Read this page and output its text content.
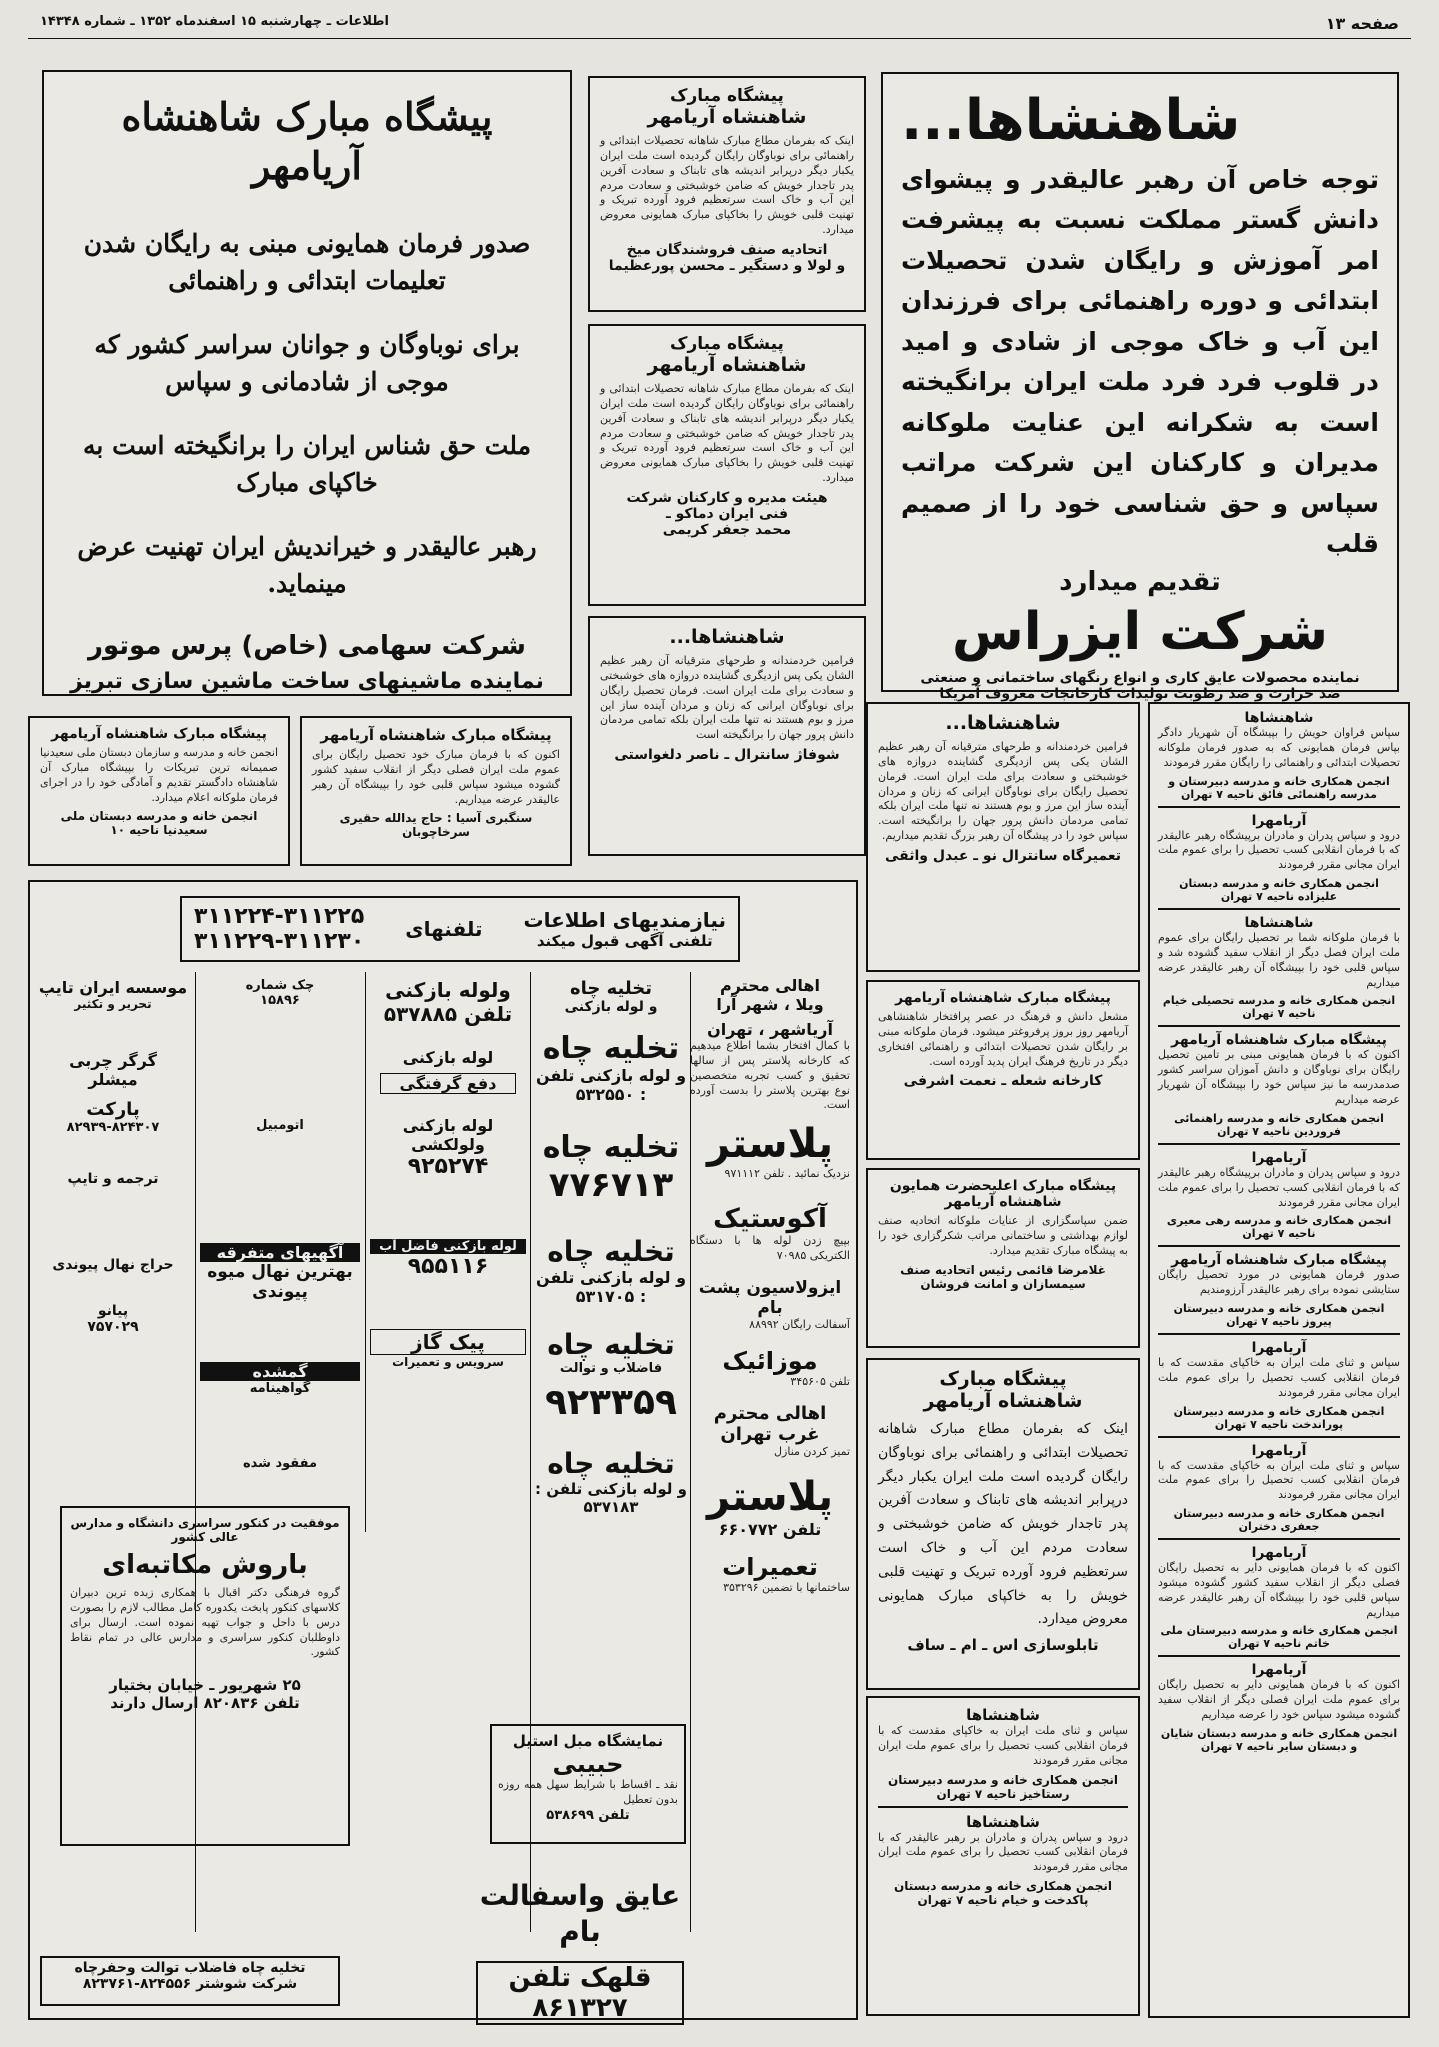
صفحه ۱۳
اطلاعات ـ چهارشنبه ۱۵ اسفندماه ۱۳۵۲ ـ شماره ۱۴۳۴۸
شاهنشاها...
توجه خاص آن رهبر عالیقدر و پیشوای دانش گستر مملکت نسبت به پیشرفت امر آموزش و رایگان شدن تحصیلات ابتدائی و دوره راهنمائی برای فرزندان این آب و خاک موجی از شادی و امید در قلوب فرد فرد ملت ایران برانگیخته است به شکرانه این عنایت ملوکانه مدیران و کارکنان این شرکت مراتب سپاس و حق شناسی خود را از صمیم قلب
تقدیم میدارد
شرکت ایزراس
نماینده محصولات عایق کاری و انواع رنگهای ساختمانی و صنعتی
ضد حرارت و ضد رطوبت تولیدات کارخانجات معروف آمریکا
پیشگاه مبارک
شاهنشاه آریامهر
اینک که بفرمان مطاع مبارک شاهانه تحصیلات ابتدائی و راهنمائی برای نوباوگان رایگان گردیده است ملت ایران یکبار دیگر درپرابر اندیشه های تابناک و سعادت آفرین پدر تاجدار خویش که ضامن خوشبختی و سعادت مردم این آب و خاک است سرتعظیم فرود آورده تبریک و تهنیت قلبی خویش را بخاکپای مبارک همایونی معروض میدارد.
اتحادیه صنف فروشندگان میخ
و لولا و دستگیر ـ محسن پورعظیما
پیشگاه مبارک
شاهنشاه آریامهر
اینک که بفرمان مطاع مبارک شاهانه تحصیلات ابتدائی و راهنمائی برای نوباوگان رایگان گردیده است ملت ایران یکبار دیگر درپرابر اندیشه های تابناک و سعادت آفرین پدر تاجدار خویش که ضامن خوشبختی و سعادت مردم این آب و خاک است سرتعظیم فرود آورده تبریک و تهنیت قلبی خویش را بخاکپای مبارک همایونی معروض میدارد.
هیئت مدیره و کارکنان شرکت
فنی ایران دماکو ـ
محمد جعفر کریمی
شاهنشاها...
فرامین خردمندانه و طرحهای مترقیانه آن رهبر عظیم الشان یکی پس ازدیگری گشاینده دروازه های خوشبختی و سعادت برای ملت ایران است. فرمان تحصیل رایگان برای نوباوگان ایرانی که زنان و مردان آینده ساز این مرز و بوم هستند نه تنها ملت ایران بلکه تمامی مردمان دانش پرور جهان را برانگیخته است
شوفاژ سانترال ـ ناصر دلغواستی
پیشگاه مبارک شاهنشاه آریامهر
صدور فرمان همایونی مبنی به رایگان شدن تعلیمات ابتدائی و راهنمائی
برای نوباوگان و جوانان سراسر کشور که موجی از شادمانی و سپاس
ملت حق شناس ایران را برانگیخته است به خاکپای مبارک
رهبر عالیقدر و خیراندیش ایران تهنیت عرض مینماید.
شرکت سهامی (خاص) پرس موتور
نماینده ماشینهای ساخت ماشین سازی تبریز
پیشگاه مبارک شاهنشاه آریامهر
اکنون که با فرمان مبارک خود تحصیل رایگان برای عموم ملت ایران فصلی دیگر از انقلاب سفید کشور گشوده میشود سپاس قلبی خود را بپیشگاه آن رهبر عالیقدر عرضه میداریم.
سنگبری آسیا : حاج یدالله حقیری سرخاچوبان
پیشگاه مبارک شاهنشاه آریامهر
انجمن خانه و مدرسه و سازمان دبستان ملی سعیدنیا صمیمانه ترین تبریکات را بپیشگاه مبارک آن شاهنشاه دادگستر تقدیم و آمادگی خود را در اجرای فرمان ملوکانه اعلام میدارد.
انجمن خانه و مدرسه دبستان ملی سعیدنیا ناحیه ۱۰
شاهنشاها...
فرامین خردمندانه و طرحهای مترقیانه آن رهبر عظیم الشان یکی پس ازدیگری گشاینده دروازه های خوشبختی و سعادت برای ملت ایران است. فرمان تحصیل رایگان برای نوباوگان ایرانی که زنان و مردان آینده ساز این مرز و بوم هستند نه تنها ملت ایران بلکه تمامی مردمان دانش پرور جهان را برانگیخته است. سپاس خود را در پیشگاه آن رهبر بزرگ تقدیم میداریم.
تعمیرگاه سانترال نو ـ عبدل واثقی
پیشگاه مبارک شاهنشاه آریامهر
مشعل دانش و فرهنگ در عصر پرافتخار شاهنشاهی آریامهر روز بروز پرفروغتر میشود. فرمان ملوکانه مبنی بر رایگان شدن تحصیلات ابتدائی و راهنمائی افتخاری دیگر در تاریخ فرهنگ ایران پدید آورده است.
کارخانه شعله ـ نعمت اشرفی
پیشگاه مبارک اعلیحضرت همایون شاهنشاه آریامهر
ضمن سپاسگزاری از عنایات ملوکانه اتحادیه صنف لوازم بهداشتی و ساختمانی مراتب شکرگزاری خود را به پیشگاه مبارک تقدیم میدارد.
غلامرضا قائمی رئیس اتحادیه صنف سیمسازان و امانت فروشان
پیشگاه مبارک
شاهنشاه آریامهر
اینک که بفرمان مطاع مبارک شاهانه تحصیلات ابتدائی و راهنمائی برای نوباوگان رایگان گردیده است ملت ایران یکبار دیگر درپرابر اندیشه های تابناک و سعادت آفرین پدر تاجدار خویش که ضامن خوشبختی و سعادت مردم این آب و خاک است سرتعظیم فرود آورده تبریک و تهنیت قلبی خویش را به خاکپای مبارک همایونی معروض میدارد.
تابلوسازی اس ـ ام ـ ساف
شاهنشاها
سپاس و ثنای ملت ایران به خاکپای مقدست که با فرمان انقلابی کسب تحصیل را برای عموم ملت ایران مجانی مقرر فرمودند
انجمن همکاری خانه و مدرسه دبیرستان رستاخیز ناحیه ۷ تهران
شاهنشاها
درود و سپاس پدران و مادران بر رهبر عالیقدر که با فرمان انقلابی کسب تحصیل را برای عموم ملت ایران مجانی مقرر فرمودند
انجمن همکاری خانه و مدرسه دبستان پاکدخت و خیام ناحیه ۷ تهران
شاهنشاها
سپاس فراوان حویش را بپیشگاه آن شهریار دادگر بپاس فرمان همایونی که به صدور فرمان ملوکانه تحصیلات ابتدائی و راهنمائی را رایگان مقرر فرمودند
انجمن همکاری خانه و مدرسه دبیرستان و مدرسه راهنمائی فائق ناحیه ۷ تهران
آریامهرا
درود و سپاس پدران و مادران برپیشگاه رهبر عالیقدر که با فرمان انقلابی کسب تحصیل را برای عموم ملت ایران مجانی مقرر فرمودند
انجمن همکاری خانه و مدرسه دبستان علیزاده ناحیه ۷ تهران
شاهنشاها
با فرمان ملوکانه شما بر تحصیل رایگان برای عموم ملت ایران فصل دیگر از انقلاب سفید گشوده شد و سپاس قلبی خود را بپیشگاه آن رهبر عالیقدر عرضه میداریم
انجمن همکاری خانه و مدرسه تحصیلی خیام ناحیه ۷ تهران
پیشگاه مبارک شاهنشاه آریامهر
اکنون که با فرمان همایونی مبنی بر تامین تحصیل رایگان برای نوباوگان و دانش آموزان سراسر کشور صدمدرسه ما نیز سپاس خود را بپیشگاه آن شهریار عرضه میداریم
انجمن همکاری خانه و مدرسه راهنمائی فروردین ناحیه ۷ تهران
آریامهرا
درود و سپاس پدران و مادران برپیشگاه رهبر عالیقدر که با فرمان انقلابی کسب تحصیل را برای عموم ملت ایران مجانی مقرر فرمودند
انجمن همکاری خانه و مدرسه رهی معیری ناحیه ۷ تهران
پیشگاه مبارک شاهنشاه آریامهر
صدور فرمان همایونی در مورد تحصیل رایگان ستایشی نموده برای رهبر عالیقدر آرزومندیم
انجمن همکاری خانه و مدرسه دبیرستان پیروز ناحیه ۷ تهران
آریامهرا
سپاس و ثنای ملت ایران به خاکپای مقدست که با فرمان انقلابی کسب تحصیل را برای عموم ملت ایران مجانی مقرر فرمودند
انجمن همکاری خانه و مدرسه دبیرستان پوراندخت ناحیه ۷ تهران
آریامهرا
سپاس و ثنای ملت ایران به خاکپای مقدست که با فرمان انقلابی کسب تحصیل را برای عموم ملت ایران مجانی مقرر فرمودند
انجمن همکاری خانه و مدرسه دبیرستان جعفری دختران
آریامهرا
اکنون که با فرمان همایونی دایر به تحصیل رایگان فصلی دیگر از انقلاب سفید کشور گشوده میشود سپاس قلبی خود را بپیشگاه آن رهبر عالیقدر عرضه میداریم
انجمن همکاری خانه و مدرسه دبیرستان ملی خاتم ناحیه ۷ تهران
آریامهرا
اکنون که با فرمان همایونی دایر به تحصیل رایگان برای عموم ملت ایران فصلی دیگر از انقلاب سفید گشوده میشود سپاس خود را عرضه میداریم
انجمن همکاری خانه و مدرسه دبستان شایان و دبستان سایر ناحیه ۷ تهران
نیازمندیهای اطلاعات
تلفنی آگهی قبول میکند
تلفنهای
۳۱۱۲۲۴-۳۱۱۲۲۵
۳۱۱۲۲۹-۳۱۱۲۳۰
اهالی محترم
ویلا ، شهر آرا
آریاشهر ، تهران
با کمال افتخار بشما اطلاع میدهیم که کارخانه پلاستر پس از سالها تحقیق و کسب تجربه متخصصین نوع بهترین پلاستر را بدست آورده است.
پلاستر
نزدیک نمائید . تلفن ۹۷۱۱۱۲
آکوستیک
بپیچ زدن لوله ها با دستگاه الکتریکی ۷۰۹۸۵
ایزولاسیون پشت بام
آسفالت رایگان ۸۸۹۹۲
موزائیک
تلفن ۳۴۵۶۰۵
اهالی محترم غرب تهران
تمیز کردن منازل
پلاستر
تلفن ۶۶۰۷۷۲
تعمیرات
ساختمانها با تضمین ۳۵۳۲۹۶
تخلیه چاه
و لوله بازکنی
تخلیه چاه
و لوله بازکنی تلفن : ۵۳۲۵۵۰
تخلیه چاه
۷۷۶۷۱۳
تخلیه چاه
و لوله بازکنی تلفن : ۵۳۱۷۰۵
تخلیه چاه
فاضلاب و توالت
۹۲۳۳۵۹
تخلیه چاه
و لوله بازکنی تلفن : ۵۳۷۱۸۳
ولوله بازکنی
تلفن ۵۳۷۸۸۵
لوله بازکنی
دفع گرفتگی
لوله بازکنی ولولکشی
۹۲۵۲۷۴
لوله بازکنی فاضل آب
۹۵۵۱۱۶
پیک گاز
سرویس و تعمیرات
چک شماره
۱۵۸۹۶
اتومبیل
آگهیهای متفرقه
بهترین نهال میوه پیوندی
گمشده
گواهینامه
مفقود شده
موسسه ایران تایپ
تحریر و تکثیر
گرگر چربی
میشلر
پارکت
۸۲۹۳۹-۸۲۴۳۰۷
ترجمه و تایپ
حراج نهال پیوندی
پیانو
۷۵۷۰۲۹
موفقیت در کنکور سراسری دانشگاه و مدارس عالی کشور
باروش مکاتبه‌ای
گروه فرهنگی دکتر اقبال با همکاری زبده ترین دبیران کلاسهای کنکور پابخت یکدوره کامل مطالب لازم را بصورت درس با داحل و جواب تهیه نموده است. ارسال برای داوطلبان کنکور سراسری و مدارس عالی در تمام نقاط کشور.
۲۵ شهریور ـ خیابان بختیار
تلفن ۸۲۰۸۳۶ ارسال دارند
تخلیه چاه فاضلاب توالت وحفرچاه
شرکت شوشتر ۸۲۴۵۵۶-۸۲۳۷۶۱
نمایشگاه مبل استیل
حبیبی
نقد ـ اقساط با شرایط سهل همه روزه بدون تعطیل
تلفن ۵۳۸۶۹۹
عایق واسفالت بام
قلهک تلفن ۸۶۱۳۲۷
